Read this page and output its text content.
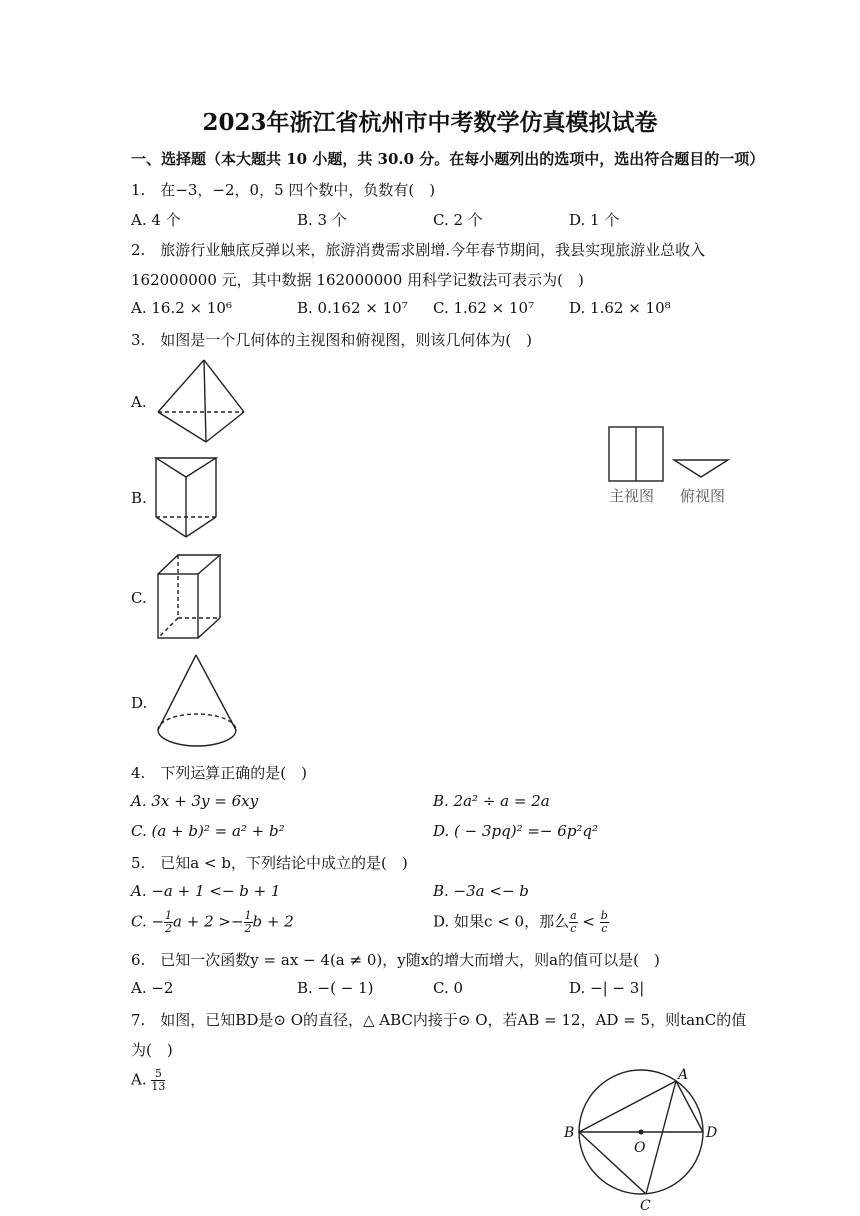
2023年浙江省杭州市中考数学仿真模拟试卷
一、选择题（本大题共 10 小题，共 30.0 分。在每小题列出的选项中，选出符合题目的一项）
1.　在−3，−2，0，5 四个数中，负数有(　)
A. 4 个	B. 3 个	C. 2 个	D. 1 个
2.　旅游行业触底反弹以来，旅游消费需求剧增.今年春节期间，我县实现旅游业总收入
162000000 元，其中数据 162000000 用科学记数法可表示为(　)
A. 16.2 × 10⁶	B. 0.162 × 10⁷ C. 1.62 × 10⁷ D. 1.62 × 10⁸
3.　如图是一个几何体的主视图和俯视图，则该几何体为(　)
A.
B.
C.
D.
主视图 俯视图
4.　下列运算正确的是(　)
A. 3x + 3y = 6xy	B. 2a² ÷ a = 2a
C. (a + b)² = a² + b²	D. ( − 3pq)² =− 6p²q²
5.　已知a < b，下列结论中成立的是(　)
A. −a + 1 <− b + 1	B. −3a <− b
C. − $\frac{1}{2}$ $a + 2 >- \frac{1}{2}$ b + 2	D. 如果c < 0，那么 $\frac{a}{c} < \frac{b}{c}$
6.　已知一次函数y = ax − 4(a ≠ 0)，y随x的增大而增大，则a的值可以是(　)
A. −2	B. −( − 1)	C. 0	D. −| − 3|
7.　如图，已知BD是⊙ O的直径，△ ABC内接于⊙ O，若AB = 12，AD = 5，则tanC的值
为(　)
A. $\frac{5}{13}$	A
B	D
O
C
